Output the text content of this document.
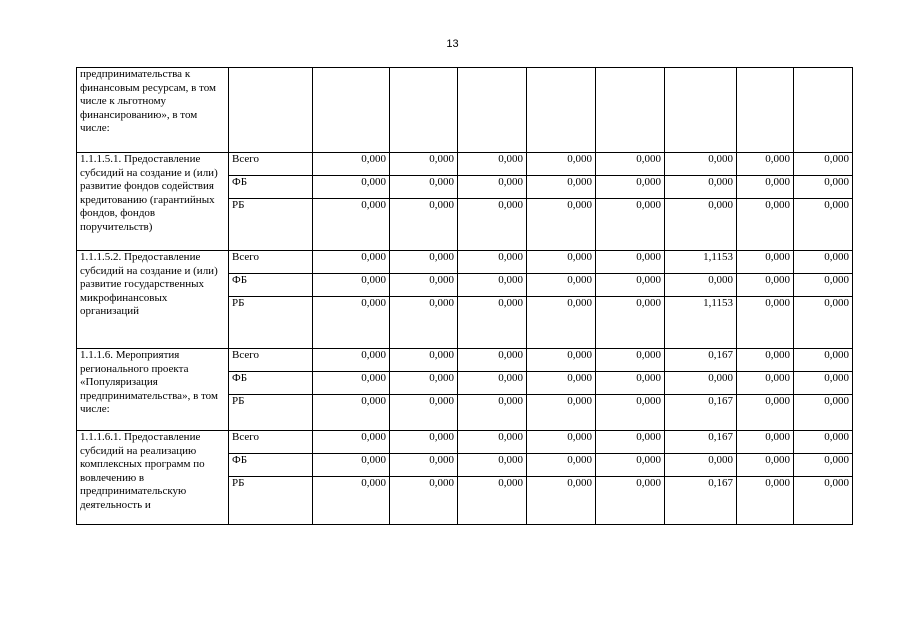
13
предпринимательства к финансовым ресурсам, в том числе к льготному финансированию», в том числе:									
1.1.1.5.1. Предоставление субсидий на создание и (или) развитие фондов содействия кредитованию (гарантийных фондов, фондов поручительств)	Всего	0,000	0,000	0,000	0,000	0,000	0,000	0,000	0,000
	ФБ	0,000	0,000	0,000	0,000	0,000	0,000	0,000	0,000
	РБ	0,000	0,000	0,000	0,000	0,000	0,000	0,000	0,000
1.1.1.5.2. Предоставление субсидий на создание и (или) развитие государственных микрофинансовых организаций	Всего	0,000	0,000	0,000	0,000	0,000	1,1153	0,000	0,000
	ФБ	0,000	0,000	0,000	0,000	0,000	0,000	0,000	0,000
	РБ	0,000	0,000	0,000	0,000	0,000	1,1153	0,000	0,000
1.1.1.6. Мероприятия регионального проекта «Популяризация предпринимательства», в том числе:	Всего	0,000	0,000	0,000	0,000	0,000	0,167	0,000	0,000
	ФБ	0,000	0,000	0,000	0,000	0,000	0,000	0,000	0,000
	РБ	0,000	0,000	0,000	0,000	0,000	0,167	0,000	0,000
1.1.1.6.1. Предоставление субсидий на реализацию комплексных программ по вовлечению в предпринимательскую деятельность и	Всего	0,000	0,000	0,000	0,000	0,000	0,167	0,000	0,000
	ФБ	0,000	0,000	0,000	0,000	0,000	0,000	0,000	0,000
	РБ	0,000	0,000	0,000	0,000	0,000	0,167	0,000	0,000
